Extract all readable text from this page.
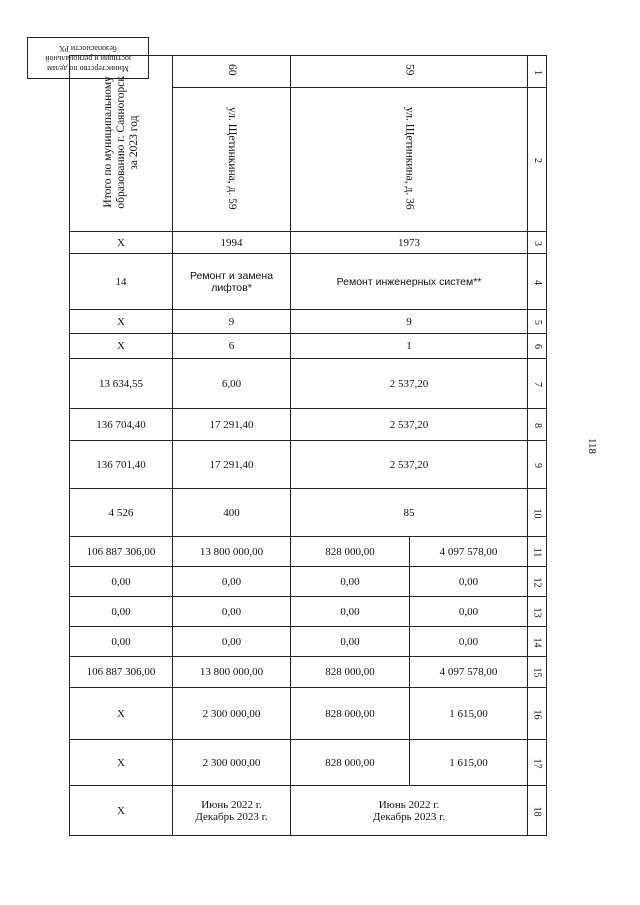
Министерство по делам
юстиции и региональной
безопасности РХ
Итого по муниципальному
образованию г. Саяногорск
за 2023 год	60	59		1
	ул. Щетинкина, д. 59	ул. Щетинкина, д. 36		2
X	1994	1973		3
14	Ремонт и замена лифтов*	Ремонт инженерных систем**		4
X	9	9		5
X	6	1		6
13 634,55	6,00	2 537,20		7
136 704,40	17 291,40	2 537,20		8
136 701,40	17 291,40	2 537,20		9
4 526	400	85		10
106 887 306,00	13 800 000,00	828 000,00	4 097 578,00	11
0,00	0,00	0,00	0,00	12
0,00	0,00	0,00	0,00	13
0,00	0,00	0,00	0,00	14
106 887 306,00	13 800 000,00	828 000,00	4 097 578,00	15
X	2 300 000,00	828 000,00	1 615,00	16
X	2 300 000,00	828 000,00	1 615,00	17
X	Июнь 2022 г.
Декабрь 2023 г.	Июнь 2022 г.
Декабрь 2023 г.		18
118
